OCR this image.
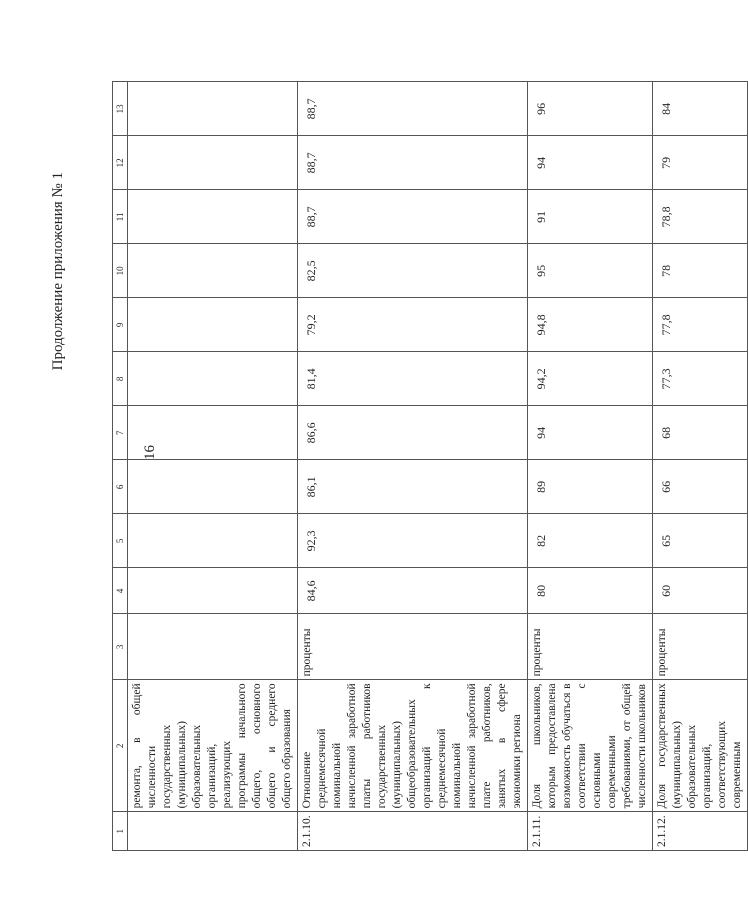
Продолжение приложения № 1
16
1	2	3	4	5	6	7	8	9	10	11	12	13
	ремонта, в общей численности государственных (муниципальных) образовательных организаций, реализующих программы начального общего, основного общего и среднего общего образования											
2.1.10.	Отношение среднемесячной номинальной начисленной заработной платы работников государственных (муниципальных) общеобразовательных организаций к среднемесячной номинальной начисленной заработной плате работников, занятых в сфере экономики региона	проценты	84,6	92,3	86,1	86,6	81,4	79,2	82,5	88,7	88,7	88,7
2.1.11.	Доля школьников, которым предоставлена возможность обучаться в соответствии с основными современными требованиями, от общей численности школьников	проценты	80	82	89	94	94,2	94,8	95	91	94	96
2.1.12.	Доля государственных (муниципальных) образовательных организаций, соответствующих современным	проценты	60	65	66	68	77,3	77,8	78	78,8	79	84
